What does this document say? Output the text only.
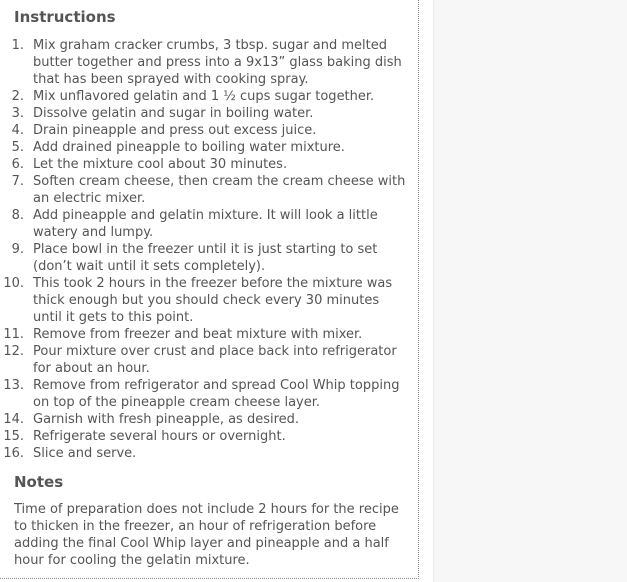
Instructions
1. Mix graham cracker crumbs, 3 tbsp. sugar and melted butter together and press into a 9x13” glass baking dish that has been sprayed with cooking spray.
2. Mix unflavored gelatin and 1 ½ cups sugar together.
3. Dissolve gelatin and sugar in boiling water.
4. Drain pineapple and press out excess juice.
5. Add drained pineapple to boiling water mixture.
6. Let the mixture cool about 30 minutes.
7. Soften cream cheese, then cream the cream cheese with an electric mixer.
8. Add pineapple and gelatin mixture. It will look a little watery and lumpy.
9. Place bowl in the freezer until it is just starting to set (don’t wait until it sets completely).
10. This took 2 hours in the freezer before the mixture was thick enough but you should check every 30 minutes until it gets to this point.
11. Remove from freezer and beat mixture with mixer.
12. Pour mixture over crust and place back into refrigerator for about an hour.
13. Remove from refrigerator and spread Cool Whip topping on top of the pineapple cream cheese layer.
14. Garnish with fresh pineapple, as desired.
15. Refrigerate several hours or overnight.
16. Slice and serve.
Notes

Time of preparation does not include 2 hours for the recipe to thicken in the freezer, an hour of refrigeration before adding the final Cool Whip layer and pineapple and a half hour for cooling the gelatin mixture.
